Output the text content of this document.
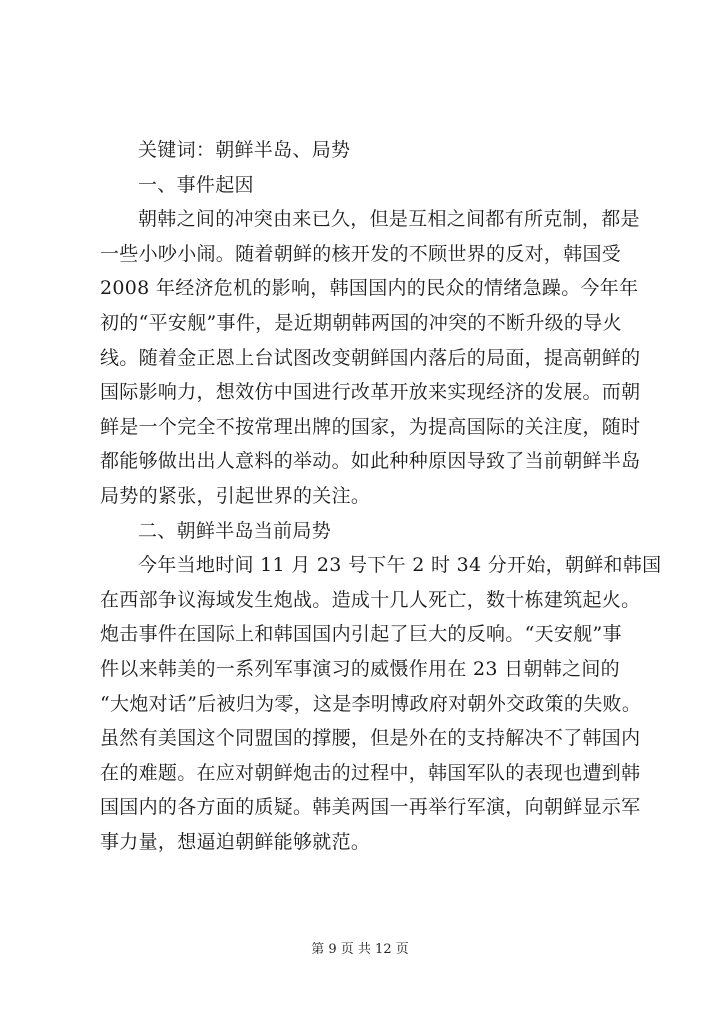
关键词：朝鲜半岛、局势
一、事件起因
朝韩之间的冲突由来已久，但是互相之间都有所克制，都是
一些小吵小闹。随着朝鲜的核开发的不顾世界的反对，韩国受
2008 年经济危机的影响，韩国国内的民众的情绪急躁。今年年
初的“平安舰”事件，是近期朝韩两国的冲突的不断升级的导火
线。随着金正恩上台试图改变朝鲜国内落后的局面，提高朝鲜的
国际影响力，想效仿中国进行改革开放来实现经济的发展。而朝
鲜是一个完全不按常理出牌的国家，为提高国际的关注度，随时
都能够做出出人意料的举动。如此种种原因导致了当前朝鲜半岛
局势的紧张，引起世界的关注。
二、朝鲜半岛当前局势
今年当地时间 11 月 23 号下午 2 时 34 分开始，朝鲜和韩国
在西部争议海域发生炮战。造成十几人死亡，数十栋建筑起火。
炮击事件在国际上和韩国国内引起了巨大的反响。“天安舰”事
件以来韩美的一系列军事演习的威慑作用在 23 日朝韩之间的
“大炮对话”后被归为零，这是李明博政府对朝外交政策的失败。
虽然有美国这个同盟国的撑腰，但是外在的支持解决不了韩国内
在的难题。在应对朝鲜炮击的过程中，韩国军队的表现也遭到韩
国国内的各方面的质疑。韩美两国一再举行军演，向朝鲜显示军
事力量，想逼迫朝鲜能够就范。
第 9 页 共 12 页
